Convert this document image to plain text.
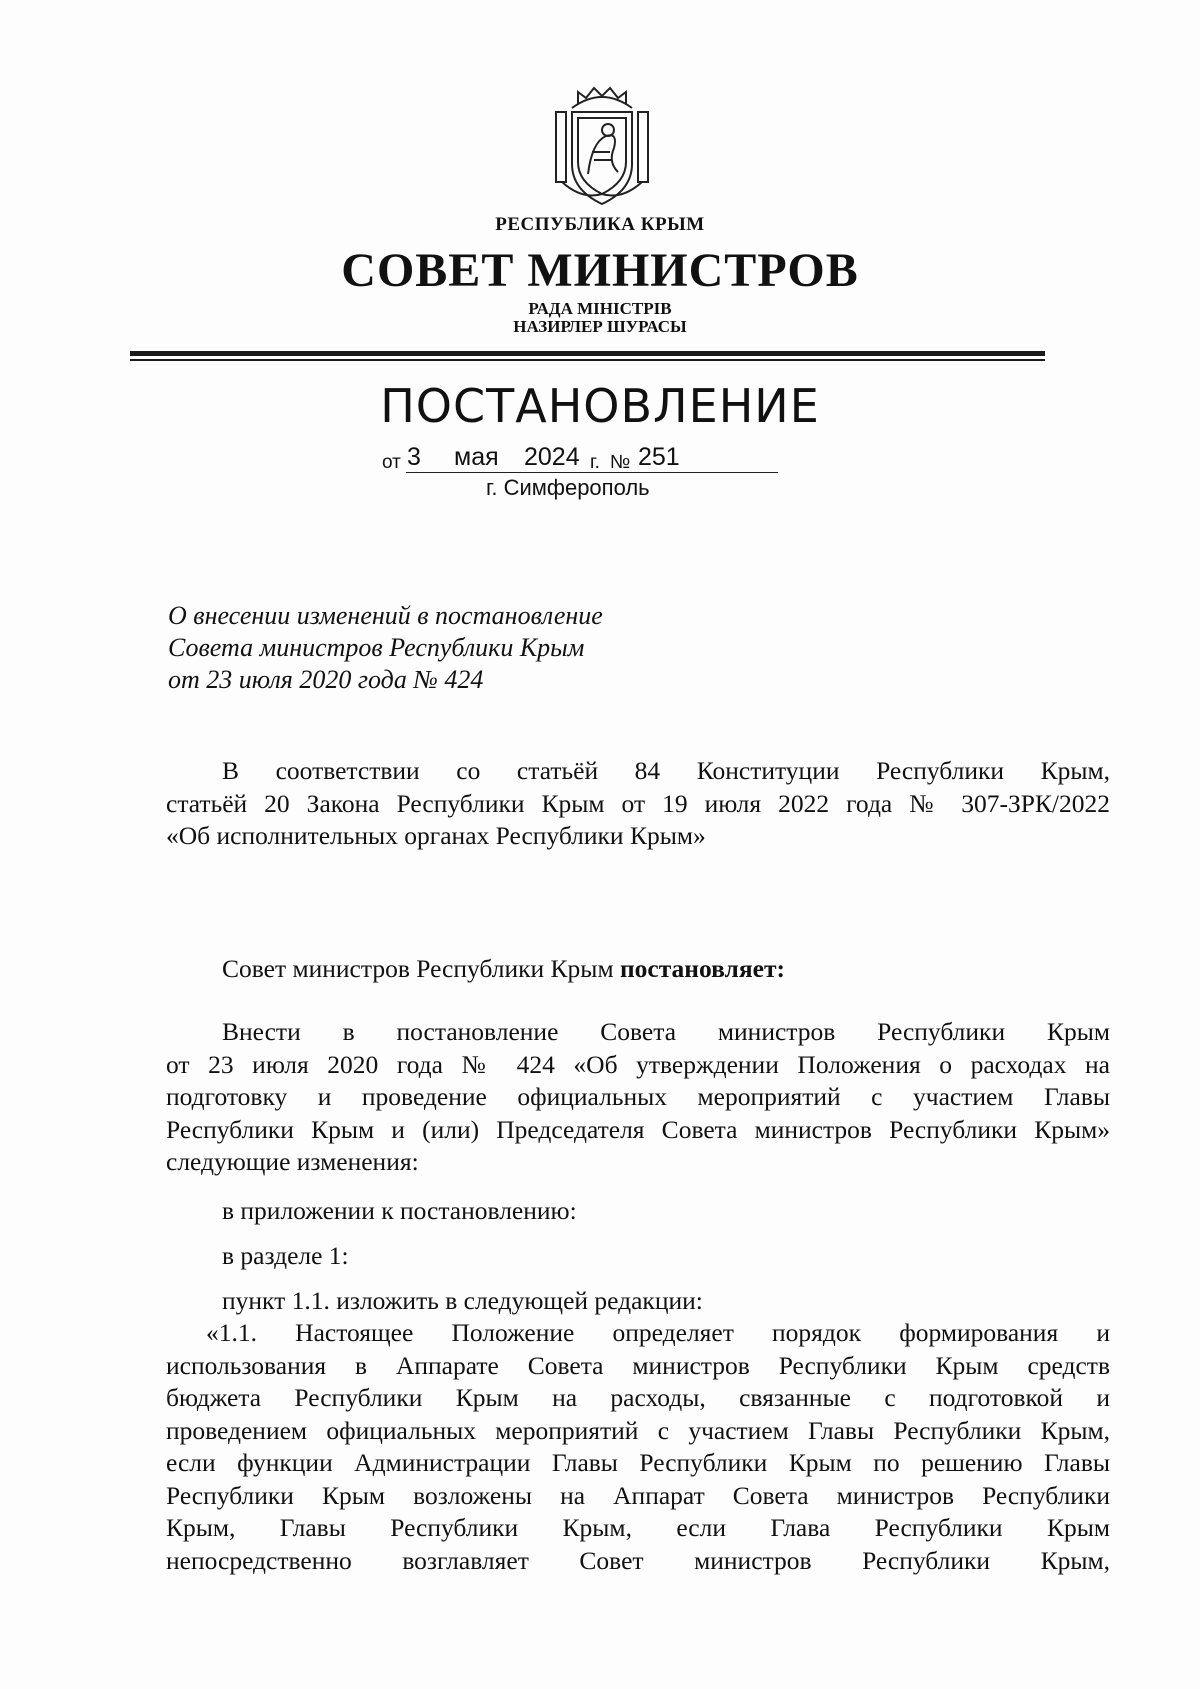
РЕСПУБЛИКА КРЫМ
СОВЕТ МИНИСТРОВ
РАДА МІНІСТРІВ
НАЗИРЛЕР ШУРАСЫ
ПОСТАНОВЛЕНИЕ
от 3 мая 2024 г. № 251
г. Симферополь
О внесении изменений в постановление
Совета министров Республики Крым
от 23 июля 2020 года № 424
В соответствии со статьёй 84 Конституции Республики Крым,
статьёй 20 Закона Республики Крым от 19 июля 2022 года № 307-ЗРК/2022
«Об исполнительных органах Республики Крым»
Совет министров Республики Крым постановляет:
Внести в постановление Совета министров Республики Крым
от 23 июля 2020 года № 424 «Об утверждении Положения о расходах на
подготовку и проведение официальных мероприятий с участием Главы
Республики Крым и (или) Председателя Совета министров Республики Крым»
следующие изменения:
в приложении к постановлению:
в разделе 1:
пункт 1.1. изложить в следующей редакции:
«1.1. Настоящее Положение определяет порядок формирования и
использования в Аппарате Совета министров Республики Крым средств
бюджета Республики Крым на расходы, связанные с подготовкой и
проведением официальных мероприятий с участием Главы Республики Крым,
если функции Администрации Главы Республики Крым по решению Главы
Республики Крым возложены на Аппарат Совета министров Республики
Крым, Главы Республики Крым, если Глава Республики Крым
непосредственно возглавляет Совет министров Республики Крым,
